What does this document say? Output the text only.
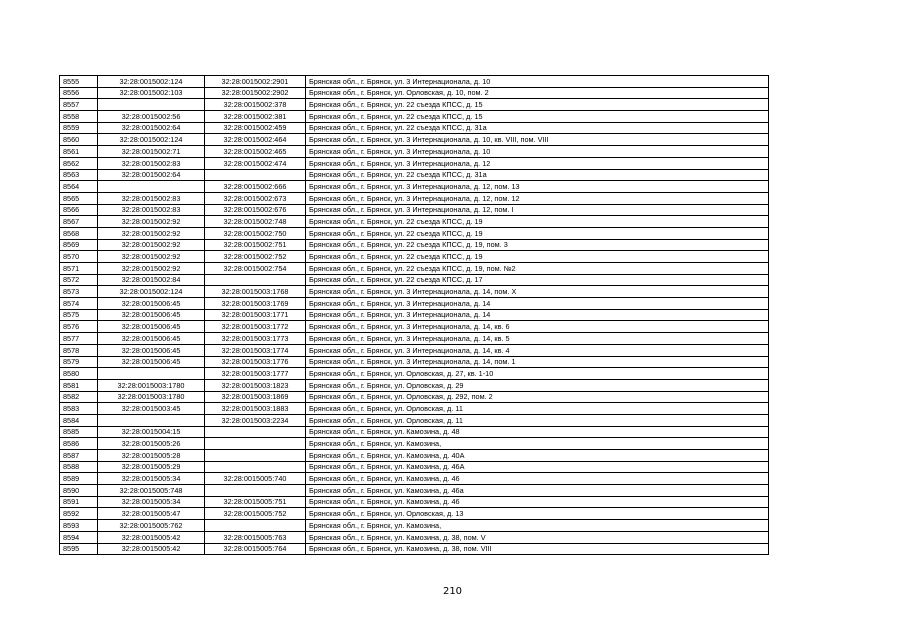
8555	32:28:0015002:124	32:28:0015002:2901	Брянская обл., г. Брянск, ул. 3 Интернационала, д. 10
8556	32:28:0015002:103	32:28:0015002:2902	Брянская обл., г. Брянск, ул. Орловская, д. 10, пом. 2
8557		32:28:0015002:378	Брянская обл., г. Брянск, ул. 22 съезда КПСС, д. 15
8558	32:28:0015002:56	32:28:0015002:381	Брянская обл., г. Брянск, ул. 22 съезда КПСС, д. 15
8559	32:28:0015002:64	32:28:0015002:459	Брянская обл., г. Брянск, ул. 22 съезда КПСС, д. 31а
8560	32:28:0015002:124	32:28:0015002:464	Брянская обл., г. Брянск, ул. 3 Интернационала, д. 10, кв. VIII, пом. VIII
8561	32:28:0015002:71	32:28:0015002:465	Брянская обл., г. Брянск, ул. 3 Интернационала, д. 10
8562	32:28:0015002:83	32:28:0015002:474	Брянская обл., г. Брянск, ул. 3 Интернационала, д. 12
8563	32:28:0015002:64		Брянская обл., г. Брянск, ул. 22 съезда КПСС, д. 31а
8564		32:28:0015002:666	Брянская обл., г. Брянск, ул. 3 Интернационала, д. 12, пом. 13
8565	32:28:0015002:83	32:28:0015002:673	Брянская обл., г. Брянск, ул. 3 Интернационала, д. 12, пом. 12
8566	32:28:0015002:83	32:28:0015002:676	Брянская обл., г. Брянск, ул. 3 Интернационала, д. 12, пом. I
8567	32:28:0015002:92	32:28:0015002:748	Брянская обл., г. Брянск, ул. 22 съезда КПСС, д. 19
8568	32:28:0015002:92	32:28:0015002:750	Брянская обл., г. Брянск, ул. 22 съезда КПСС, д. 19
8569	32:28:0015002:92	32:28:0015002:751	Брянская обл., г. Брянск, ул. 22 съезда КПСС, д. 19, пом. 3
8570	32:28:0015002:92	32:28:0015002:752	Брянская обл., г. Брянск, ул. 22 съезда КПСС, д. 19
8571	32:28:0015002:92	32:28:0015002:754	Брянская обл., г. Брянск, ул. 22 съезда КПСС, д. 19, пом. №2
8572	32:28:0015002:84		Брянская обл., г. Брянск, ул. 22 съезда КПСС, д. 17
8573	32:28:0015002:124	32:28:0015003:1768	Брянская обл., г. Брянск, ул. 3 Интернационала, д. 14, пом. X
8574	32:28:0015006:45	32:28:0015003:1769	Брянская обл., г. Брянск, ул. 3 Интернационала, д. 14
8575	32:28:0015006:45	32:28:0015003:1771	Брянская обл., г. Брянск, ул. 3 Интернационала, д. 14
8576	32:28:0015006:45	32:28:0015003:1772	Брянская обл., г. Брянск, ул. 3 Интернационала, д. 14, кв. 6
8577	32:28:0015006:45	32:28:0015003:1773	Брянская обл., г. Брянск, ул. 3 Интернационала, д. 14, кв. 5
8578	32:28:0015006:45	32:28:0015003:1774	Брянская обл., г. Брянск, ул. 3 Интернационала, д. 14, кв. 4
8579	32:28:0015006:45	32:28:0015003:1776	Брянская обл., г. Брянск, ул. 3 Интернационала, д. 14, пом. 1
8580		32:28:0015003:1777	Брянская обл., г. Брянск, ул. Орловская, д. 27, кв. 1-10
8581	32:28:0015003:1780	32:28:0015003:1823	Брянская обл., г. Брянск, ул. Орловская, д. 29
8582	32:28:0015003:1780	32:28:0015003:1869	Брянская обл., г. Брянск, ул. Орловская, д. 292, пом. 2
8583	32:28:0015003:45	32:28:0015003:1883	Брянская обл., г. Брянск, ул. Орловская, д. 11
8584		32:28:0015003:2234	Брянская обл., г. Брянск, ул. Орловская, д. 11
8585	32:28:0015004:15		Брянская обл., г. Брянск, ул. Камозина, д. 48
8586	32:28:0015005:26		Брянская обл., г. Брянск, ул. Камозина,
8587	32:28:0015005:28		Брянская обл., г. Брянск, ул. Камозина, д. 40А
8588	32:28:0015005:29		Брянская обл., г. Брянск, ул. Камозина, д. 46А
8589	32:28:0015005:34	32:28:0015005:740	Брянская обл., г. Брянск, ул. Камозина, д. 46
8590	32:28:0015005:748		Брянская обл., г. Брянск, ул. Камозина, д. 46а
8591	32:28:0015005:34	32:28:0015005:751	Брянская обл., г. Брянск, ул. Камозина, д. 46
8592	32:28:0015005:47	32:28:0015005:752	Брянская обл., г. Брянск, ул. Орловская, д. 13
8593	32:28:0015005:762		Брянская обл., г. Брянск, ул. Камозина,
8594	32:28:0015005:42	32:28:0015005:763	Брянская обл., г. Брянск, ул. Камозина, д. 38, пом. V
8595	32:28:0015005:42	32:28:0015005:764	Брянская обл., г. Брянск, ул. Камозина, д. 38, пом. VIII
210
